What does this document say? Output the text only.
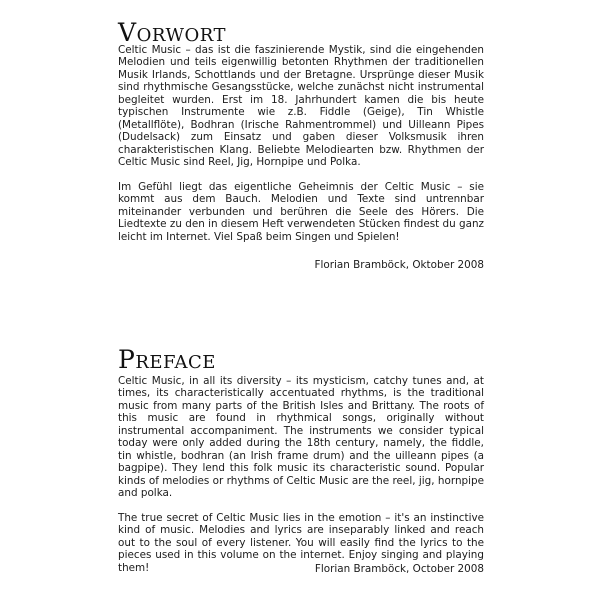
VORWORT

Celtic Music – das ist die faszinierende Mystik, sind die eingehenden Melodien und teils eigenwillig betonten Rhythmen der traditionellen Musik Irlands, Schottlands und der Bretagne. Ursprünge dieser Musik sind rhythmische Gesangsstücke, welche zunächst nicht instrumental begleitet wurden. Erst im 18. Jahrhundert kamen die bis heute typischen Instrumente wie z.B. Fiddle (Geige), Tin Whistle (Metallflöte), Bodhran (Irische Rahmentrommel) und Uilleann Pipes (Dudelsack) zum Einsatz und gaben dieser Volksmusik ihren charakteristischen Klang. Beliebte Melodiearten bzw. Rhythmen der Celtic Music sind Reel, Jig, Hornpipe und Polka.

Im Gefühl liegt das eigentliche Geheimnis der Celtic Music – sie kommt aus dem Bauch. Melodien und Texte sind untrennbar miteinander verbunden und berühren die Seele des Hörers. Die Liedtexte zu den in diesem Heft verwendeten Stücken findest du ganz leicht im Internet. Viel Spaß beim Singen und Spielen!

Florian Bramböck, Oktober 2008

PREFACE

Celtic Music, in all its diversity – its mysticism, catchy tunes and, at times, its characteristically accentuated rhythms, is the traditional music from many parts of the British Isles and Brittany. The roots of this music are found in rhythmical songs, originally without instrumental accompaniment. The instruments we consider typical today were only added during the 18th century, namely, the fiddle, tin whistle, bodhran (an Irish frame drum) and the uilleann pipes (a bagpipe). They lend this folk music its characteristic sound. Popular kinds of melodies or rhythms of Celtic Music are the reel, jig, hornpipe and polka.

The true secret of Celtic Music lies in the emotion – it's an instinctive kind of music. Melodies and lyrics are inseparably linked and reach out to the soul of every listener. You will easily find the lyrics to the pieces used in this volume on the internet. Enjoy singing and playing them!	Florian Bramböck, October 2008
